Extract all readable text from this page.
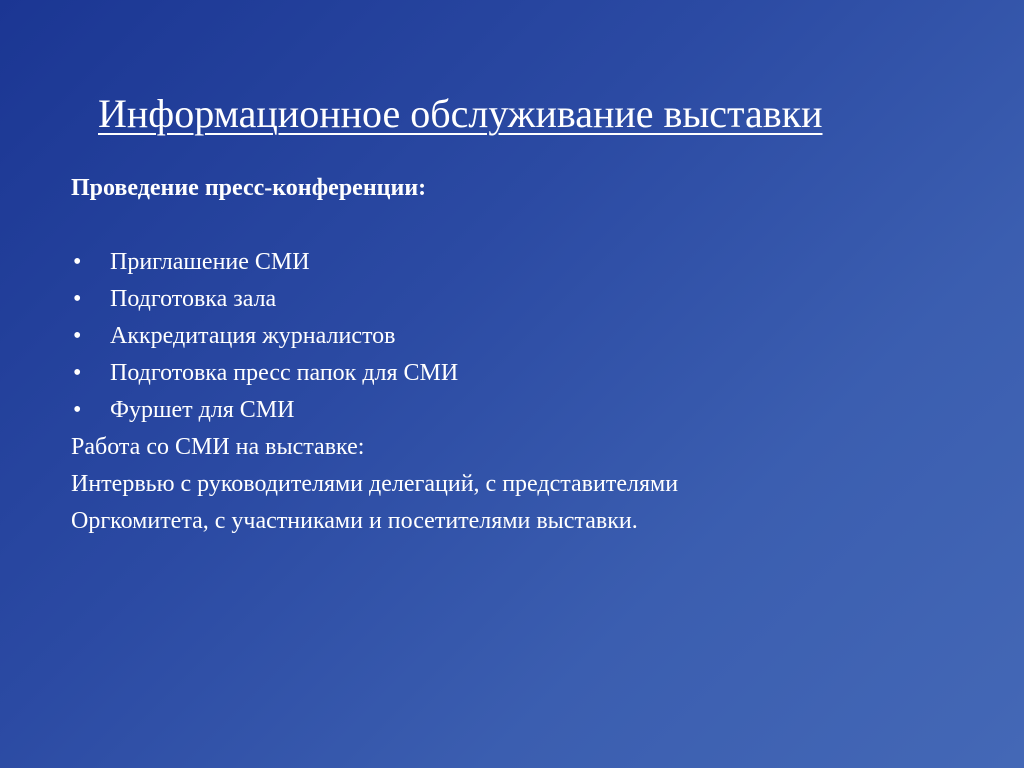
Информационное обслуживание выставки

Проведение пресс-конференции:

• Приглашение СМИ
• Подготовка зала
• Аккредитация журналистов
• Подготовка пресс папок для СМИ
• Фуршет для СМИ

Работа со СМИ на выставке:

Интервью с руководителями делегаций, с представителями

Оргкомитета, с участниками и посетителями выставки.
